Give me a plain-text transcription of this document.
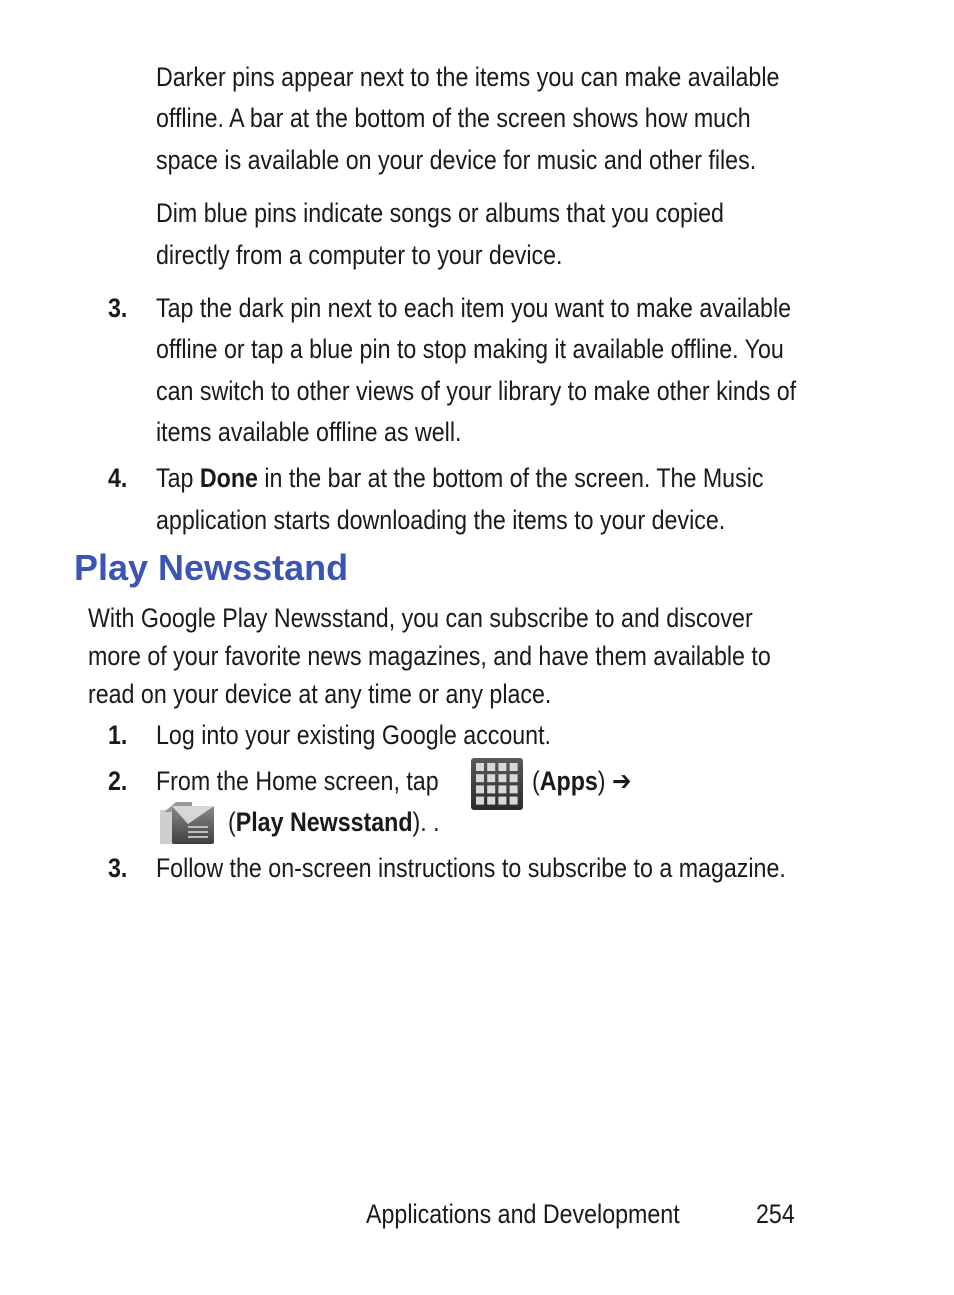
Darker pins appear next to the items you can make available

offline. A bar at the bottom of the screen shows how much

space is available on your device for music and other files.

Dim blue pins indicate songs or albums that you copied

directly from a computer to your device.

3. Tap the dark pin next to each item you want to make available

offline or tap a blue pin to stop making it available offline. You

can switch to other views of your library to make other kinds of

items available offline as well.

4. Tap Done in the bar at the bottom of the screen. The Music

application starts downloading the items to your device.

Play Newsstand

With Google Play Newsstand, you can subscribe to and discover

more of your favorite news magazines, and have them available to

read on your device at any time or any place.

1. Log into your existing Google account.

2. From the Home screen, tap	(Apps) ➔

(Play Newsstand). .

3. Follow the on-screen instructions to subscribe to a magazine.

Applications and Development	254
